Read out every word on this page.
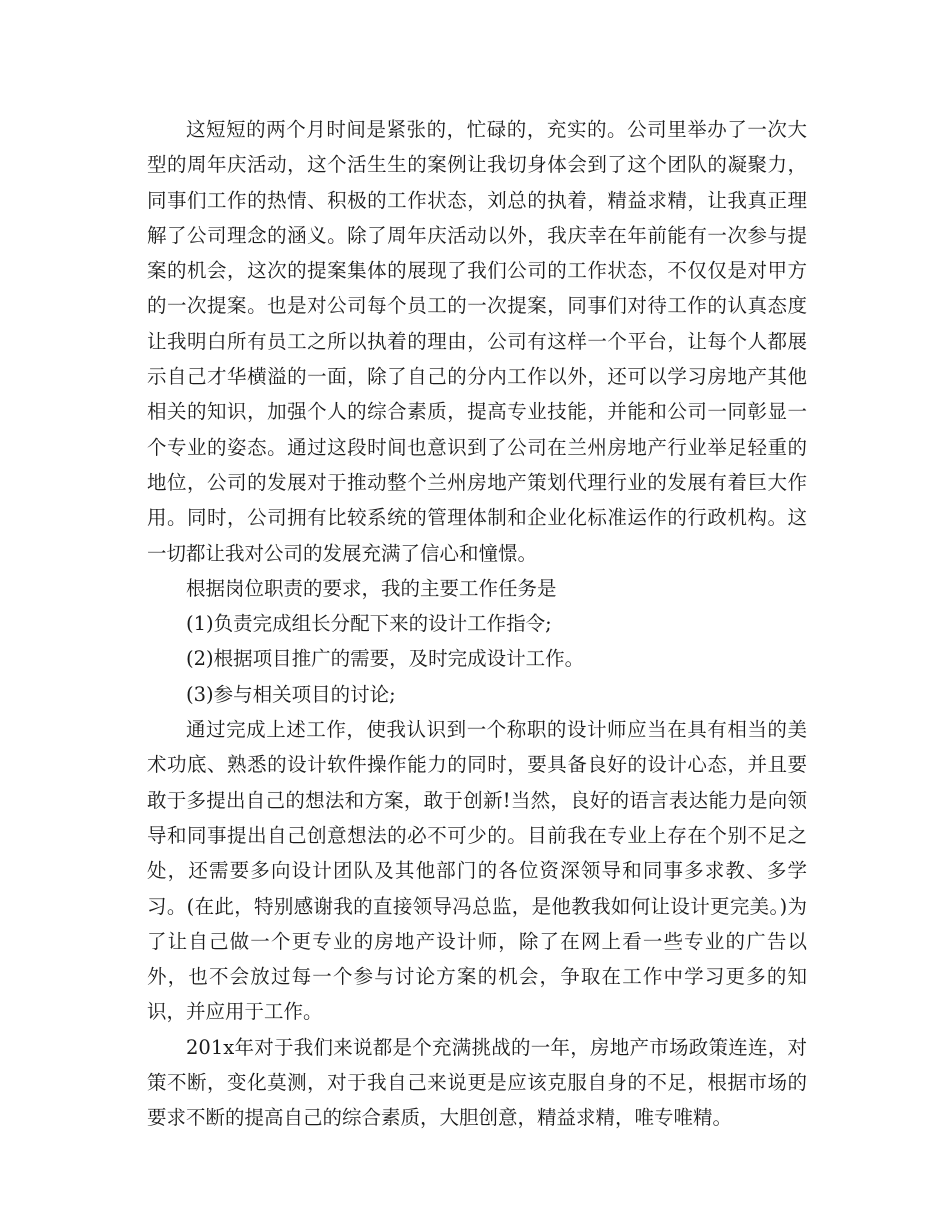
这短短的两个月时间是紧张的，忙碌的，充实的。公司里举办了一次大型的周年庆活动，这个活生生的案例让我切身体会到了这个团队的凝聚力，同事们工作的热情、积极的工作状态，刘总的执着，精益求精，让我真正理解了公司理念的涵义。除了周年庆活动以外，我庆幸在年前能有一次参与提案的机会，这次的提案集体的展现了我们公司的工作状态，不仅仅是对甲方的一次提案。也是对公司每个员工的一次提案，同事们对待工作的认真态度让我明白所有员工之所以执着的理由，公司有这样一个平台，让每个人都展示自己才华横溢的一面，除了自己的分内工作以外，还可以学习房地产其他相关的知识，加强个人的综合素质，提高专业技能，并能和公司一同彰显一个专业的姿态。通过这段时间也意识到了公司在兰州房地产行业举足轻重的地位，公司的发展对于推动整个兰州房地产策划代理行业的发展有着巨大作用。同时，公司拥有比较系统的管理体制和企业化标准运作的行政机构。这一切都让我对公司的发展充满了信心和憧憬。

根据岗位职责的要求，我的主要工作任务是

(1)负责完成组长分配下来的设计工作指令;

(2)根据项目推广的需要，及时完成设计工作。

(3)参与相关项目的讨论;

通过完成上述工作，使我认识到一个称职的设计师应当在具有相当的美术功底、熟悉的设计软件操作能力的同时，要具备良好的设计心态，并且要敢于多提出自己的想法和方案，敢于创新!当然，良好的语言表达能力是向领导和同事提出自己创意想法的必不可少的。目前我在专业上存在个别不足之处，还需要多向设计团队及其他部门的各位资深领导和同事多求教、多学习。(在此，特别感谢我的直接领导冯总监，是他教我如何让设计更完美。)为了让自己做一个更专业的房地产设计师，除了在网上看一些专业的广告以外，也不会放过每一个参与讨论方案的机会，争取在工作中学习更多的知识，并应用于工作。

201x年对于我们来说都是个充满挑战的一年，房地产市场政策连连，对策不断，变化莫测，对于我自己来说更是应该克服自身的不足，根据市场的要求不断的提高自己的综合素质，大胆创意，精益求精，唯专唯精。
